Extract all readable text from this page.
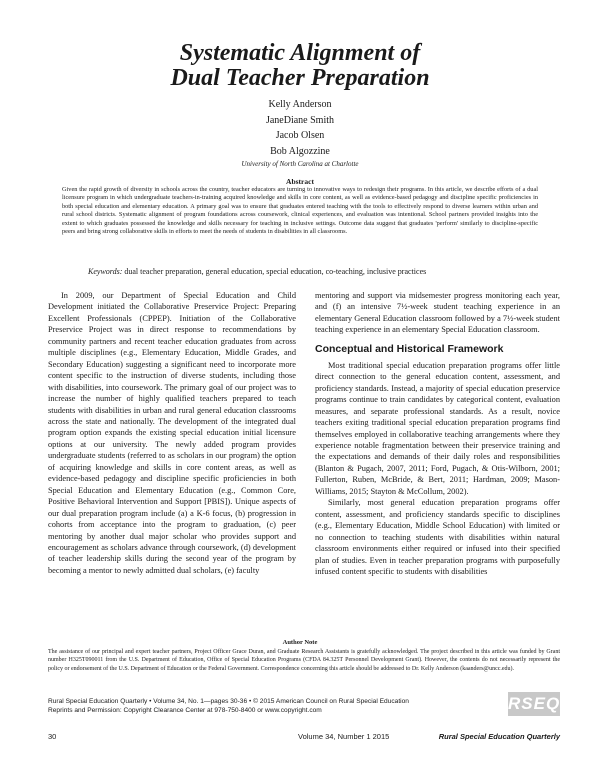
Systematic Alignment of
Dual Teacher Preparation
Kelly Anderson
JaneDiane Smith
Jacob Olsen
Bob Algozzine
University of North Carolina at Charlotte
Abstract
Given the rapid growth of diversity in schools across the country, teacher educators are turning to innovative ways to redesign their programs. In this article, we describe efforts of a dual licensure program in which undergraduate teachers-in-training acquired knowledge and skills in core content, as well as evidence-based pedagogy and discipline specific proficiencies in both special education and elementary education. A primary goal was to ensure that graduates entered teaching with the tools to effectively respond to diverse learners within urban and rural school districts. Systematic alignment of program foundations across coursework, clinical experiences, and evaluation was intentional. School partners provided insights into the extent to which graduates possessed the knowledge and skills necessary for teaching in inclusive settings. Outcome data suggest that graduates 'perform' similarly to discipline-specific peers and bring strong collaborative skills in efforts to meet the needs of students in disabilities in all classrooms.
Keywords: dual teacher preparation, general education, special education, co-teaching, inclusive practices

In 2009, our Department of Special Education and Child Development initiated the Collaborative Preservice Project: Preparing Excellent Professionals (CPPEP). Initiation of the Collaborative Preservice Project was in direct response to recommendations by community partners and recent teacher education graduates from across multiple disciplines (e.g., Elementary Education, Middle Grades, and Secondary Education) suggesting a significant need to incorporate more content specific to the instruction of diverse students, including those with disabilities, into coursework. The primary goal of our project was to increase the number of highly qualified teachers prepared to teach students with disabilities in urban and rural general education classrooms across the state and nationally. The development of the integrated dual program option expands the existing special education initial licensure options at our university. The newly added program provides undergraduate students (referred to as scholars in our program) the option of acquiring knowledge and skills in core content areas, as well as evidence-based pedagogy and discipline specific proficiencies in both Special Education and Elementary Education (e.g., Common Core, Positive Behavioral Intervention and Support [PBIS]). Unique aspects of our dual preparation program include (a) a K-6 focus, (b) progression in cohorts from acceptance into the program to graduation, (c) peer mentoring by another dual major scholar who provides support and encouragement as scholars advance through coursework, (d) development of teacher leadership skills during the second year of the program by becoming a mentor to newly admitted dual scholars, (e) faculty

mentoring and support via midsemester progress monitoring each year, and (f) an intensive 7½-week student teaching experience in an elementary General Education classroom followed by a 7½-week student teaching experience in an elementary Special Education classroom.
Conceptual and Historical Framework

Most traditional special education preparation programs offer little direct connection to the general education content, assessment, and proficiency standards. Instead, a majority of special education preservice programs continue to train candidates by categorical content, evaluation measures, and separate professional standards. As a result, novice teachers exiting traditional special education preparation programs find themselves employed in collaborative teaching arrangements where they experience notable fragmentation between their preservice training and the expectations and demands of their daily roles and responsibilities (Blanton & Pugach, 2007, 2011; Ford, Pugach, & Otis-Wilborn, 2001; Fullerton, Ruben, McBride, & Bert, 2011; Hardman, 2009; Mason-Williams, 2015; Stayton & McCollum, 2002).

Similarly, most general education preparation programs offer content, assessment, and proficiency standards specific to disciplines (e.g., Elementary Education, Middle School Education) with limited or no connection to teaching students with disabilities within natural classroom environments either required or infused into their specified plan of studies. Even in teacher preparation programs with purposefully infused content specific to students with disabilities

Author Note
The assistance of our principal and expert teacher partners, Project Officer Grace Duran, and Graduate Research Assistants is gratefully acknowledged. The project described in this article was funded by Grant number H325T090011 from the U.S. Department of Education, Office of Special Education Programs (CFDA 84.325T Personnel Development Grant). However, the contents do not necessarily represent the policy or endorsement of the U.S. Department of Education or the Federal Government. Correspondence concerning this article should be addressed to Dr. Kelly Anderson (kaanders@uncc.edu).
Rural Special Education Quarterly • Volume 34, No. 1—pages 30-36 • © 2015 American Council on Rural Special Education
Reprints and Permission: Copyright Clearance Center at 978-750-8400 or www.copyright.com	RSEQ
30	Volume 34, Number 1 2015	Rural Special Education Quarterly
